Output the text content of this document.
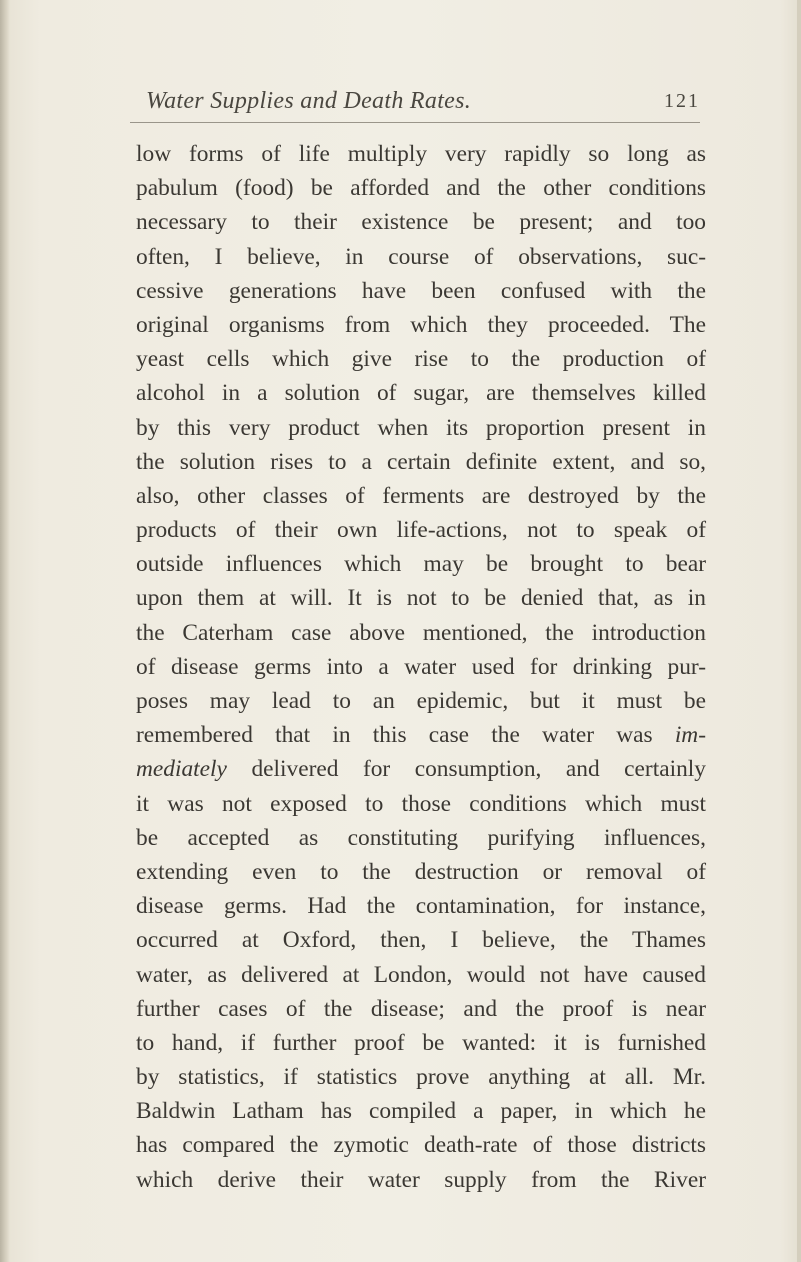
Water Supplies and Death Rates.	121
low forms of life multiply very rapidly so long as
pabulum (food) be afforded and the other conditions
necessary to their existence be present; and too
often, I believe, in course of observations, suc-
cessive generations have been confused with the
original organisms from which they proceeded. The
yeast cells which give rise to the production of
alcohol in a solution of sugar, are themselves killed
by this very product when its proportion present in
the solution rises to a certain definite extent, and so,
also, other classes of ferments are destroyed by the
products of their own life-actions, not to speak of
outside influences which may be brought to bear
upon them at will. It is not to be denied that, as in
the Caterham case above mentioned, the introduction
of disease germs into a water used for drinking pur-
poses may lead to an epidemic, but it must be
remembered that in this case the water was im-
mediately delivered for consumption, and certainly
it was not exposed to those conditions which must
be accepted as constituting purifying influences,
extending even to the destruction or removal of
disease germs. Had the contamination, for instance,
occurred at Oxford, then, I believe, the Thames
water, as delivered at London, would not have caused
further cases of the disease; and the proof is near
to hand, if further proof be wanted: it is furnished
by statistics, if statistics prove anything at all. Mr.
Baldwin Latham has compiled a paper, in which he
has compared the zymotic death-rate of those districts
which derive their water supply from the River
